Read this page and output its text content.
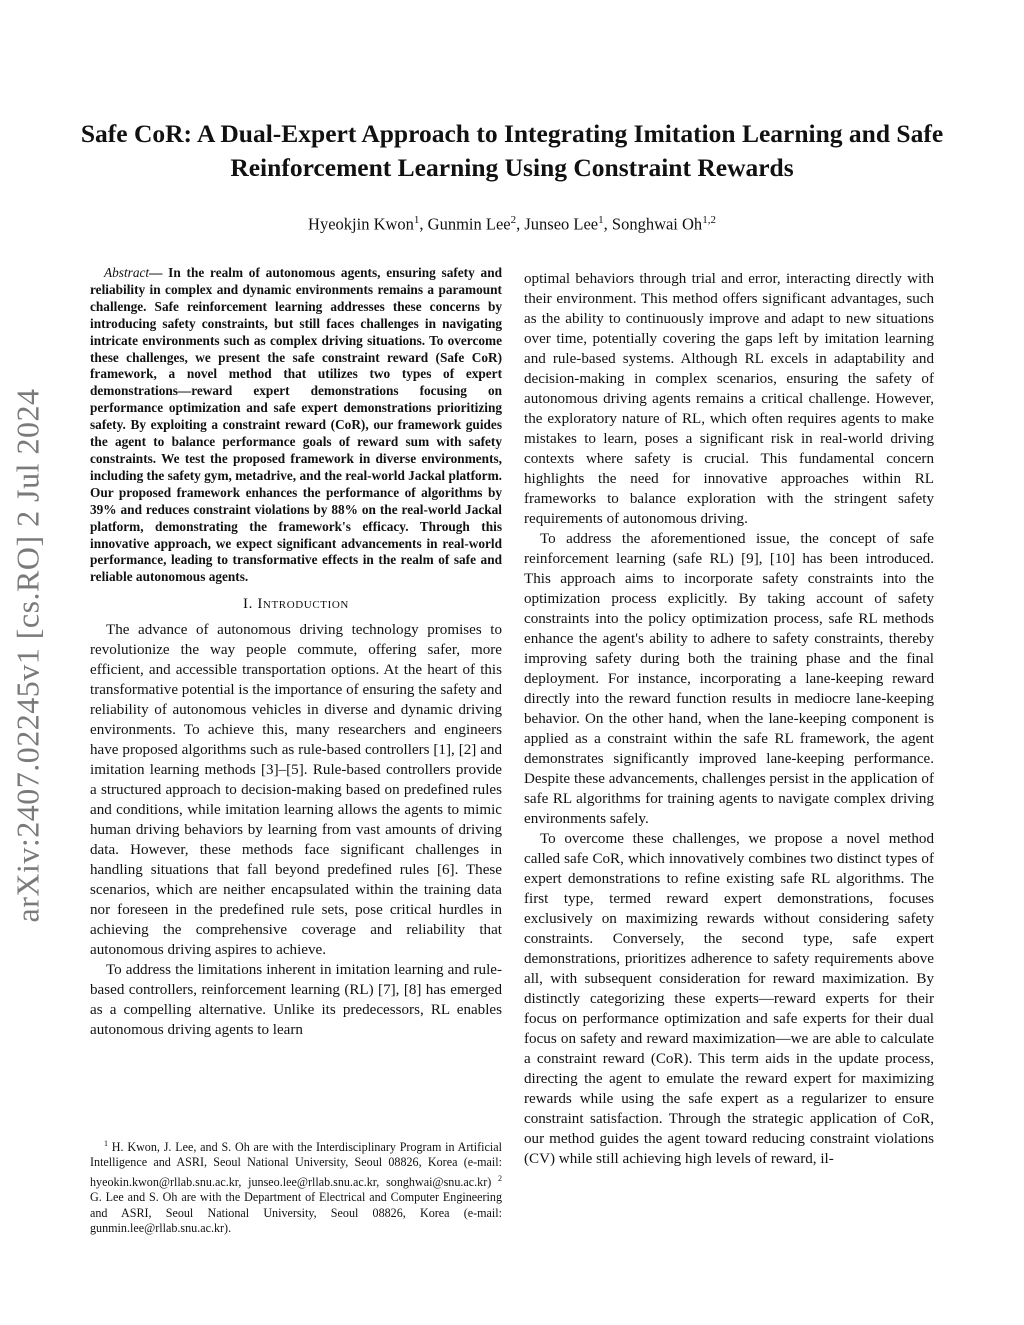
arXiv:2407.02245v1 [cs.RO] 2 Jul 2024
Safe CoR: A Dual-Expert Approach to Integrating Imitation Learning and Safe Reinforcement Learning Using Constraint Rewards
Hyeokjin Kwon$^1$, Gunmin Lee$^2$, Junseo Lee$^1$, Songhwai Oh$^{1,2}$

Abstract— In the realm of autonomous agents, ensuring safety and reliability in complex and dynamic environments remains a paramount challenge. Safe reinforcement learning addresses these concerns by introducing safety constraints, but still faces challenges in navigating intricate environments such as complex driving situations. To overcome these challenges, we present the safe constraint reward (Safe CoR) framework, a novel method that utilizes two types of expert demonstrations—reward expert demonstrations focusing on performance optimization and safe expert demonstrations prioritizing safety. By exploiting a constraint reward (CoR), our framework guides the agent to balance performance goals of reward sum with safety constraints. We test the proposed framework in diverse environments, including the safety gym, metadrive, and the real-world Jackal platform. Our proposed framework enhances the performance of algorithms by 39% and reduces constraint violations by 88% on the real-world Jackal platform, demonstrating the framework's efficacy. Through this innovative approach, we expect significant advancements in real-world performance, leading to transformative effects in the realm of safe and reliable autonomous agents.

I. Introduction

The advance of autonomous driving technology promises to revolutionize the way people commute, offering safer, more efficient, and accessible transportation options. At the heart of this transformative potential is the importance of ensuring the safety and reliability of autonomous vehicles in diverse and dynamic driving environments. To achieve this, many researchers and engineers have proposed algorithms such as rule-based controllers [1], [2] and imitation learning methods [3]–[5]. Rule-based controllers provide a structured approach to decision-making based on predefined rules and conditions, while imitation learning allows the agents to mimic human driving behaviors by learning from vast amounts of driving data. However, these methods face significant challenges in handling situations that fall beyond predefined rules [6]. These scenarios, which are neither encapsulated within the training data nor foreseen in the predefined rule sets, pose critical hurdles in achieving the comprehensive coverage and reliability that autonomous driving aspires to achieve.

To address the limitations inherent in imitation learning and rule-based controllers, reinforcement learning (RL) [7], [8] has emerged as a compelling alternative. Unlike its predecessors, RL enables autonomous driving agents to learn

$^1$ H. Kwon, J. Lee, and S. Oh are with the Interdisciplinary Program in Artificial Intelligence and ASRI, Seoul National University, Seoul 08826, Korea (e-mail: hyeokin.kwon@rllab.snu.ac.kr, junseo.lee@rllab.snu.ac.kr, songhwai@snu.ac.kr) $^2$ G. Lee and S. Oh are with the Department of Electrical and Computer Engineering and ASRI, Seoul National University, Seoul 08826, Korea (e-mail: gunmin.lee@rllab.snu.ac.kr).

optimal behaviors through trial and error, interacting directly with their environment. This method offers significant advantages, such as the ability to continuously improve and adapt to new situations over time, potentially covering the gaps left by imitation learning and rule-based systems. Although RL excels in adaptability and decision-making in complex scenarios, ensuring the safety of autonomous driving agents remains a critical challenge. However, the exploratory nature of RL, which often requires agents to make mistakes to learn, poses a significant risk in real-world driving contexts where safety is crucial. This fundamental concern highlights the need for innovative approaches within RL frameworks to balance exploration with the stringent safety requirements of autonomous driving.

To address the aforementioned issue, the concept of safe reinforcement learning (safe RL) [9], [10] has been introduced. This approach aims to incorporate safety constraints into the optimization process explicitly. By taking account of safety constraints into the policy optimization process, safe RL methods enhance the agent's ability to adhere to safety constraints, thereby improving safety during both the training phase and the final deployment. For instance, incorporating a lane-keeping reward directly into the reward function results in mediocre lane-keeping behavior. On the other hand, when the lane-keeping component is applied as a constraint within the safe RL framework, the agent demonstrates significantly improved lane-keeping performance. Despite these advancements, challenges persist in the application of safe RL algorithms for training agents to navigate complex driving environments safely.

To overcome these challenges, we propose a novel method called safe CoR, which innovatively combines two distinct types of expert demonstrations to refine existing safe RL algorithms. The first type, termed reward expert demonstrations, focuses exclusively on maximizing rewards without considering safety constraints. Conversely, the second type, safe expert demonstrations, prioritizes adherence to safety requirements above all, with subsequent consideration for reward maximization. By distinctly categorizing these experts—reward experts for their focus on performance optimization and safe experts for their dual focus on safety and reward maximization—we are able to calculate a constraint reward (CoR). This term aids in the update process, directing the agent to emulate the reward expert for maximizing rewards while using the safe expert as a regularizer to ensure constraint satisfaction. Through the strategic application of CoR, our method guides the agent toward reducing constraint violations (CV) while still achieving high levels of reward, il-
